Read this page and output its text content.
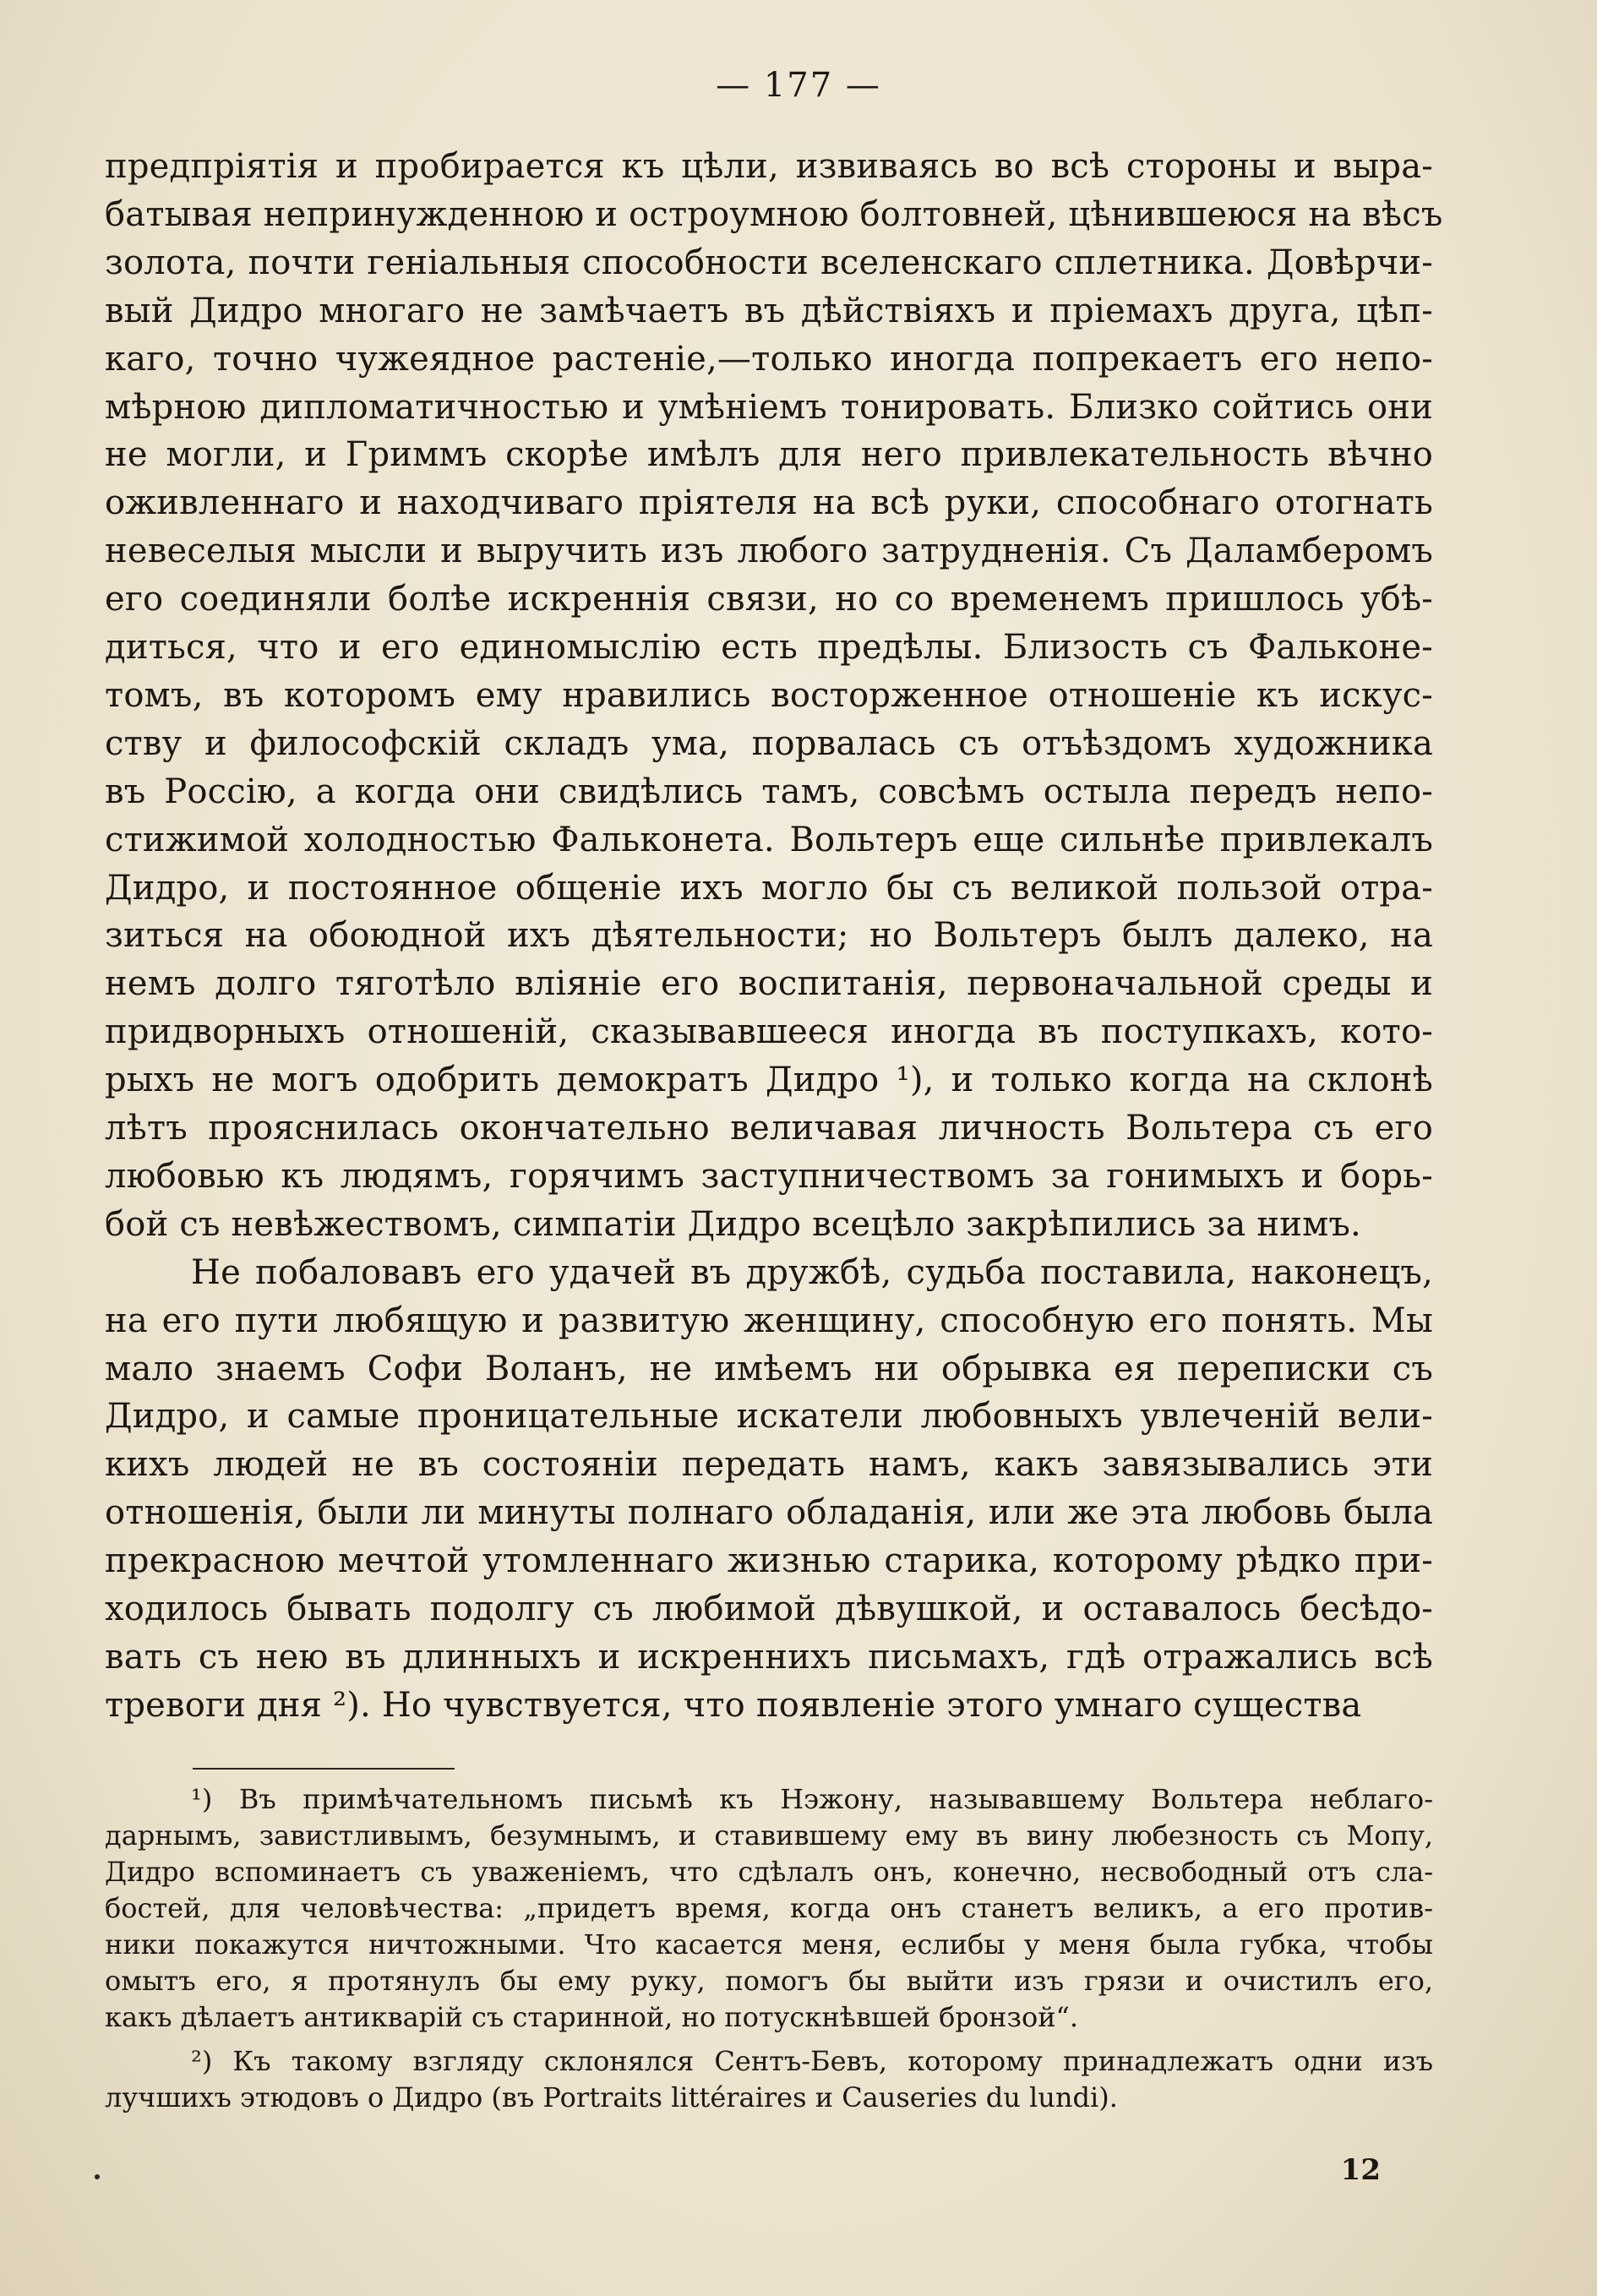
— 177 —
предпріятія и пробирается къ цѣли, извиваясь во всѣ стороны и выра-
батывая непринужденною и остроумною болтовней, цѣнившеюся на вѣсъ
золота, почти геніальныя способности вселенскаго сплетника. Довѣрчи-
вый Дидро многаго не замѣчаетъ въ дѣйствіяхъ и пріемахъ друга, цѣп-
каго, точно чужеядное растеніе,—только иногда попрекаетъ его непо-
мѣрною дипломатичностью и умѣніемъ тонировать. Близко сойтись они
не могли, и Гриммъ скорѣе имѣлъ для него привлекательность вѣчно
оживленнаго и находчиваго пріятеля на всѣ руки, способнаго отогнать
невеселыя мысли и выручить изъ любого затрудненія. Съ Даламберомъ
его соединяли болѣе искреннія связи, но со временемъ пришлось убѣ-
диться, что и его единомыслію есть предѣлы. Близость съ Фальконе-
томъ, въ которомъ ему нравились восторженное отношеніе къ искус-
ству и философскій складъ ума, порвалась съ отъѣздомъ художника
въ Россію, а когда они свидѣлись тамъ, совсѣмъ остыла передъ непо-
стижимой холодностью Фальконета. Вольтеръ еще сильнѣе привлекалъ
Дидро, и постоянное общеніе ихъ могло бы съ великой пользой отра-
зиться на обоюдной ихъ дѣятельности; но Вольтеръ былъ далеко, на
немъ долго тяготѣло вліяніе его воспитанія, первоначальной среды и
придворныхъ отношеній, сказывавшееся иногда въ поступкахъ, кото-
рыхъ не могъ одобрить демократъ Дидро ¹), и только когда на склонѣ
лѣтъ прояснилась окончательно величавая личность Вольтера съ его
любовью къ людямъ, горячимъ заступничествомъ за гонимыхъ и борь-
бой съ невѣжествомъ, симпатіи Дидро всецѣло закрѣпились за нимъ.
Не побаловавъ его удачей въ дружбѣ, судьба поставила, наконецъ,
на его пути любящую и развитую женщину, способную его понять. Мы
мало знаемъ Софи Воланъ, не имѣемъ ни обрывка ея переписки съ
Дидро, и самые проницательные искатели любовныхъ увлеченій вели-
кихъ людей не въ состояніи передать намъ, какъ завязывались эти
отношенія, были ли минуты полнаго обладанія, или же эта любовь была
прекрасною мечтой утомленнаго жизнью старика, которому рѣдко при-
ходилось бывать подолгу съ любимой дѣвушкой, и оставалось бесѣдо-
вать съ нею въ длинныхъ и искреннихъ письмахъ, гдѣ отражались всѣ
тревоги дня ²). Но чувствуется, что появленіе этого умнаго существа
¹) Въ примѣчательномъ письмѣ къ Нэжону, называвшему Вольтера неблаго-
дарнымъ, завистливымъ, безумнымъ, и ставившему ему въ вину любезность съ Мопу,
Дидро вспоминаетъ съ уваженіемъ, что сдѣлалъ онъ, конечно, несвободный отъ сла-
бостей, для человѣчества: „придетъ время, когда онъ станетъ великъ, а его против-
ники покажутся ничтожными. Что касается меня, еслибы у меня была губка, чтобы
омытъ его, я протянулъ бы ему руку, помогъ бы выйти изъ грязи и очистилъ его,
какъ дѣлаетъ антикварій съ старинной, но потускнѣвшей бронзой“.
²) Къ такому взгляду склонялся Сентъ-Бевъ, которому принадлежатъ одни изъ
лучшихъ этюдовъ о Дидро (въ Portraits littéraires и Causeries du lundi).
12
